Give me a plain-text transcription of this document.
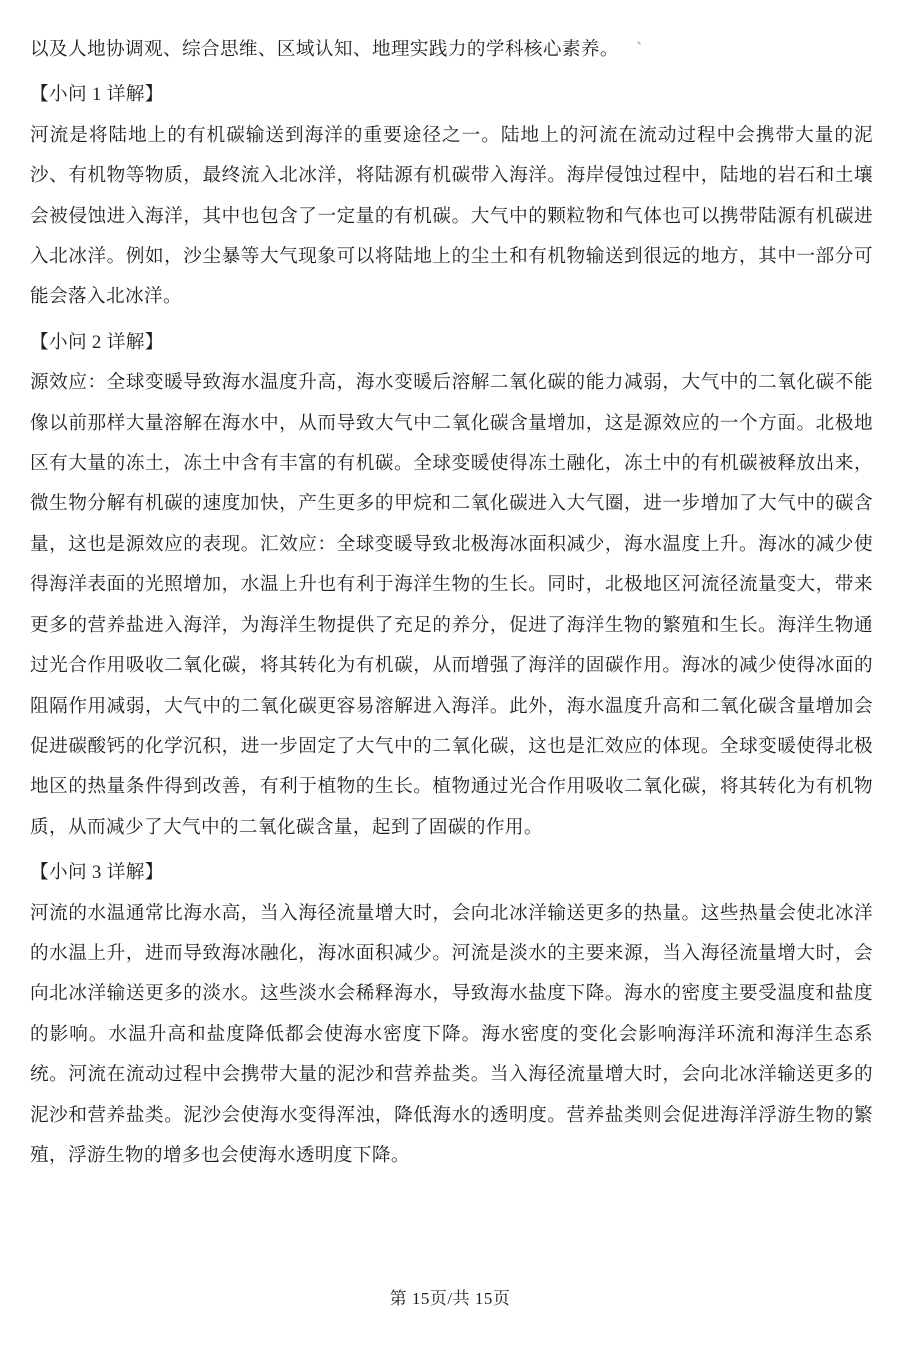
以及人地协调观、综合思维、区域认知、地理实践力的学科核心素养。

【小问 1 详解】

河流是将陆地上的有机碳输送到海洋的重要途径之一。陆地上的河流在流动过程中会携带大量的泥沙、有机物等物质，最终流入北冰洋，将陆源有机碳带入海洋。海岸侵蚀过程中，陆地的岩石和土壤会被侵蚀进入海洋，其中也包含了一定量的有机碳。大气中的颗粒物和气体也可以携带陆源有机碳进入北冰洋。例如，沙尘暴等大气现象可以将陆地上的尘土和有机物输送到很远的地方，其中一部分可能会落入北冰洋。

【小问 2 详解】

源效应：全球变暖导致海水温度升高，海水变暖后溶解二氧化碳的能力减弱，大气中的二氧化碳不能像以前那样大量溶解在海水中，从而导致大气中二氧化碳含量增加，这是源效应的一个方面。北极地区有大量的冻土，冻土中含有丰富的有机碳。全球变暖使得冻土融化，冻土中的有机碳被释放出来，微生物分解有机碳的速度加快，产生更多的甲烷和二氧化碳进入大气圈，进一步增加了大气中的碳含量，这也是源效应的表现。汇效应：全球变暖导致北极海冰面积减少，海水温度上升。海冰的减少使得海洋表面的光照增加，水温上升也有利于海洋生物的生长。同时，北极地区河流径流量变大，带来更多的营养盐进入海洋，为海洋生物提供了充足的养分，促进了海洋生物的繁殖和生长。海洋生物通过光合作用吸收二氧化碳，将其转化为有机碳，从而增强了海洋的固碳作用。海冰的减少使得冰面的阻隔作用减弱，大气中的二氧化碳更容易溶解进入海洋。此外，海水温度升高和二氧化碳含量增加会促进碳酸钙的化学沉积，进一步固定了大气中的二氧化碳，这也是汇效应的体现。全球变暖使得北极地区的热量条件得到改善，有利于植物的生长。植物通过光合作用吸收二氧化碳，将其转化为有机物质，从而减少了大气中的二氧化碳含量，起到了固碳的作用。

【小问 3 详解】

河流的水温通常比海水高，当入海径流量增大时，会向北冰洋输送更多的热量。这些热量会使北冰洋的水温上升，进而导致海冰融化，海冰面积减少。河流是淡水的主要来源，当入海径流量增大时，会向北冰洋输送更多的淡水。这些淡水会稀释海水，导致海水盐度下降。海水的密度主要受温度和盐度的影响。水温升高和盐度降低都会使海水密度下降。海水密度的变化会影响海洋环流和海洋生态系统。河流在流动过程中会携带大量的泥沙和营养盐类。当入海径流量增大时，会向北冰洋输送更多的泥沙和营养盐类。泥沙会使海水变得浑浊，降低海水的透明度。营养盐类则会促进海洋浮游生物的繁殖，浮游生物的增多也会使海水透明度下降。

第 15页/共 15页
